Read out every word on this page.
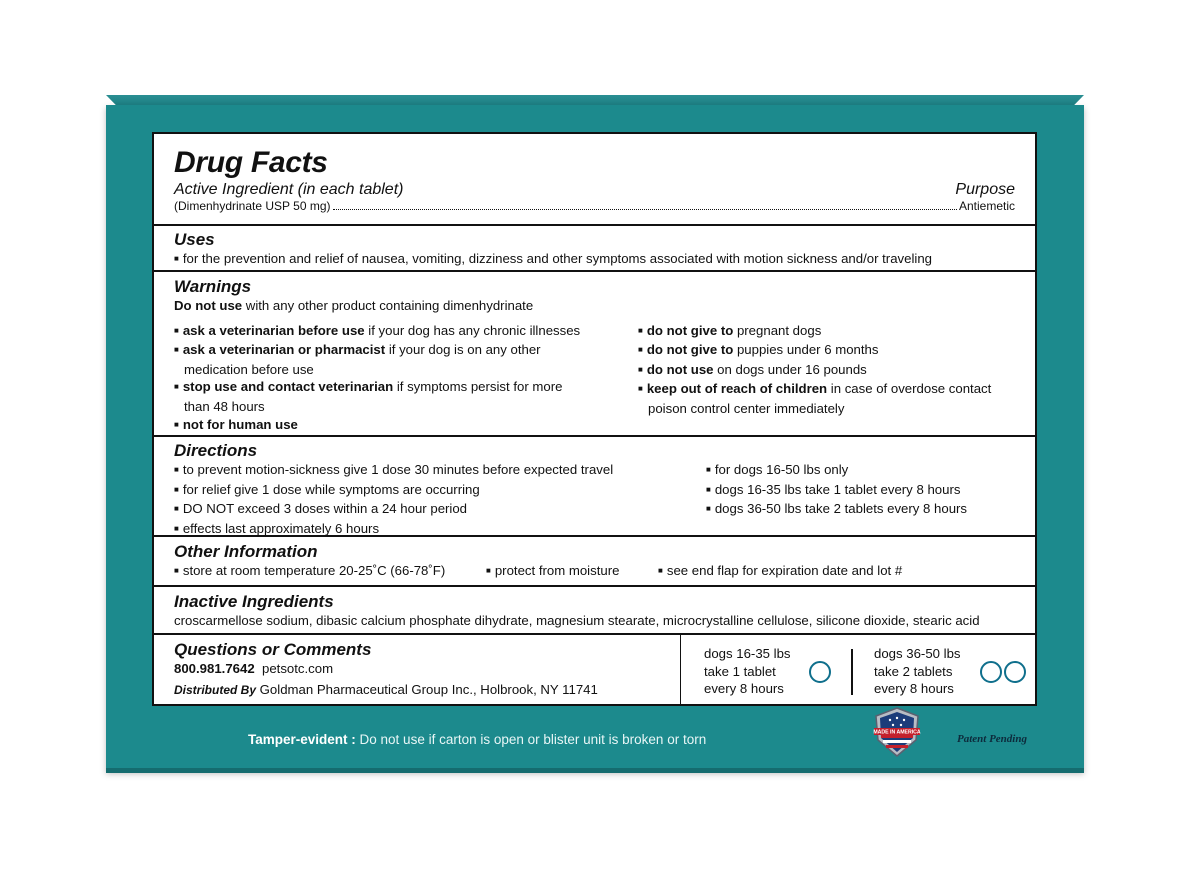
Drug Facts
Active Ingredient (in each tablet)	Purpose
(Dimenhydrinate USP 50 mg)	Antiemetic
Uses
■ for the prevention and relief of nausea, vomiting, dizziness and other symptoms associated with motion sickness and/or traveling
Warnings
Do not use with any other product containing dimenhydrinate
■ ask a veterinarian before use if your dog has any chronic illnesses
■ ask a veterinarian or pharmacist if your dog is on any other
medication before use
■ stop use and contact veterinarian if symptoms persist for more
than 48 hours
■ not for human use
■ do not give to pregnant dogs
■ do not give to puppies under 6 months
■ do not use on dogs under 16 pounds
■ keep out of reach of children in case of overdose contact
poison control center immediately
Directions
■ to prevent motion-sickness give 1 dose 30 minutes before expected travel
■ for relief give 1 dose while symptoms are occurring
■ DO NOT exceed 3 doses within a 24 hour period
■ effects last approximately 6 hours
■ for dogs 16-50 lbs only
■ dogs 16-35 lbs take 1 tablet every 8 hours
■ dogs 36-50 lbs take 2 tablets every 8 hours
Other Information
■ store at room temperature 20-25˚C (66-78˚F)	■ protect from moisture	■ see end flap for expiration date and lot #
Inactive Ingredients
croscarmellose sodium, dibasic calcium phosphate dihydrate, magnesium stearate, microcrystalline cellulose, silicone dioxide, stearic acid
Questions or Comments
800.981.7642 petsotc.com
Distributed By Goldman Pharmaceutical Group Inc., Holbrook, NY 11741
dogs 16-35 lbs
take 1 tablet
every 8 hours
dogs 36-50 lbs
take 2 tablets
every 8 hours
Tamper-evident : Do not use if carton is open or blister unit is broken or torn	MADE IN AMERICA
Patent Pending
